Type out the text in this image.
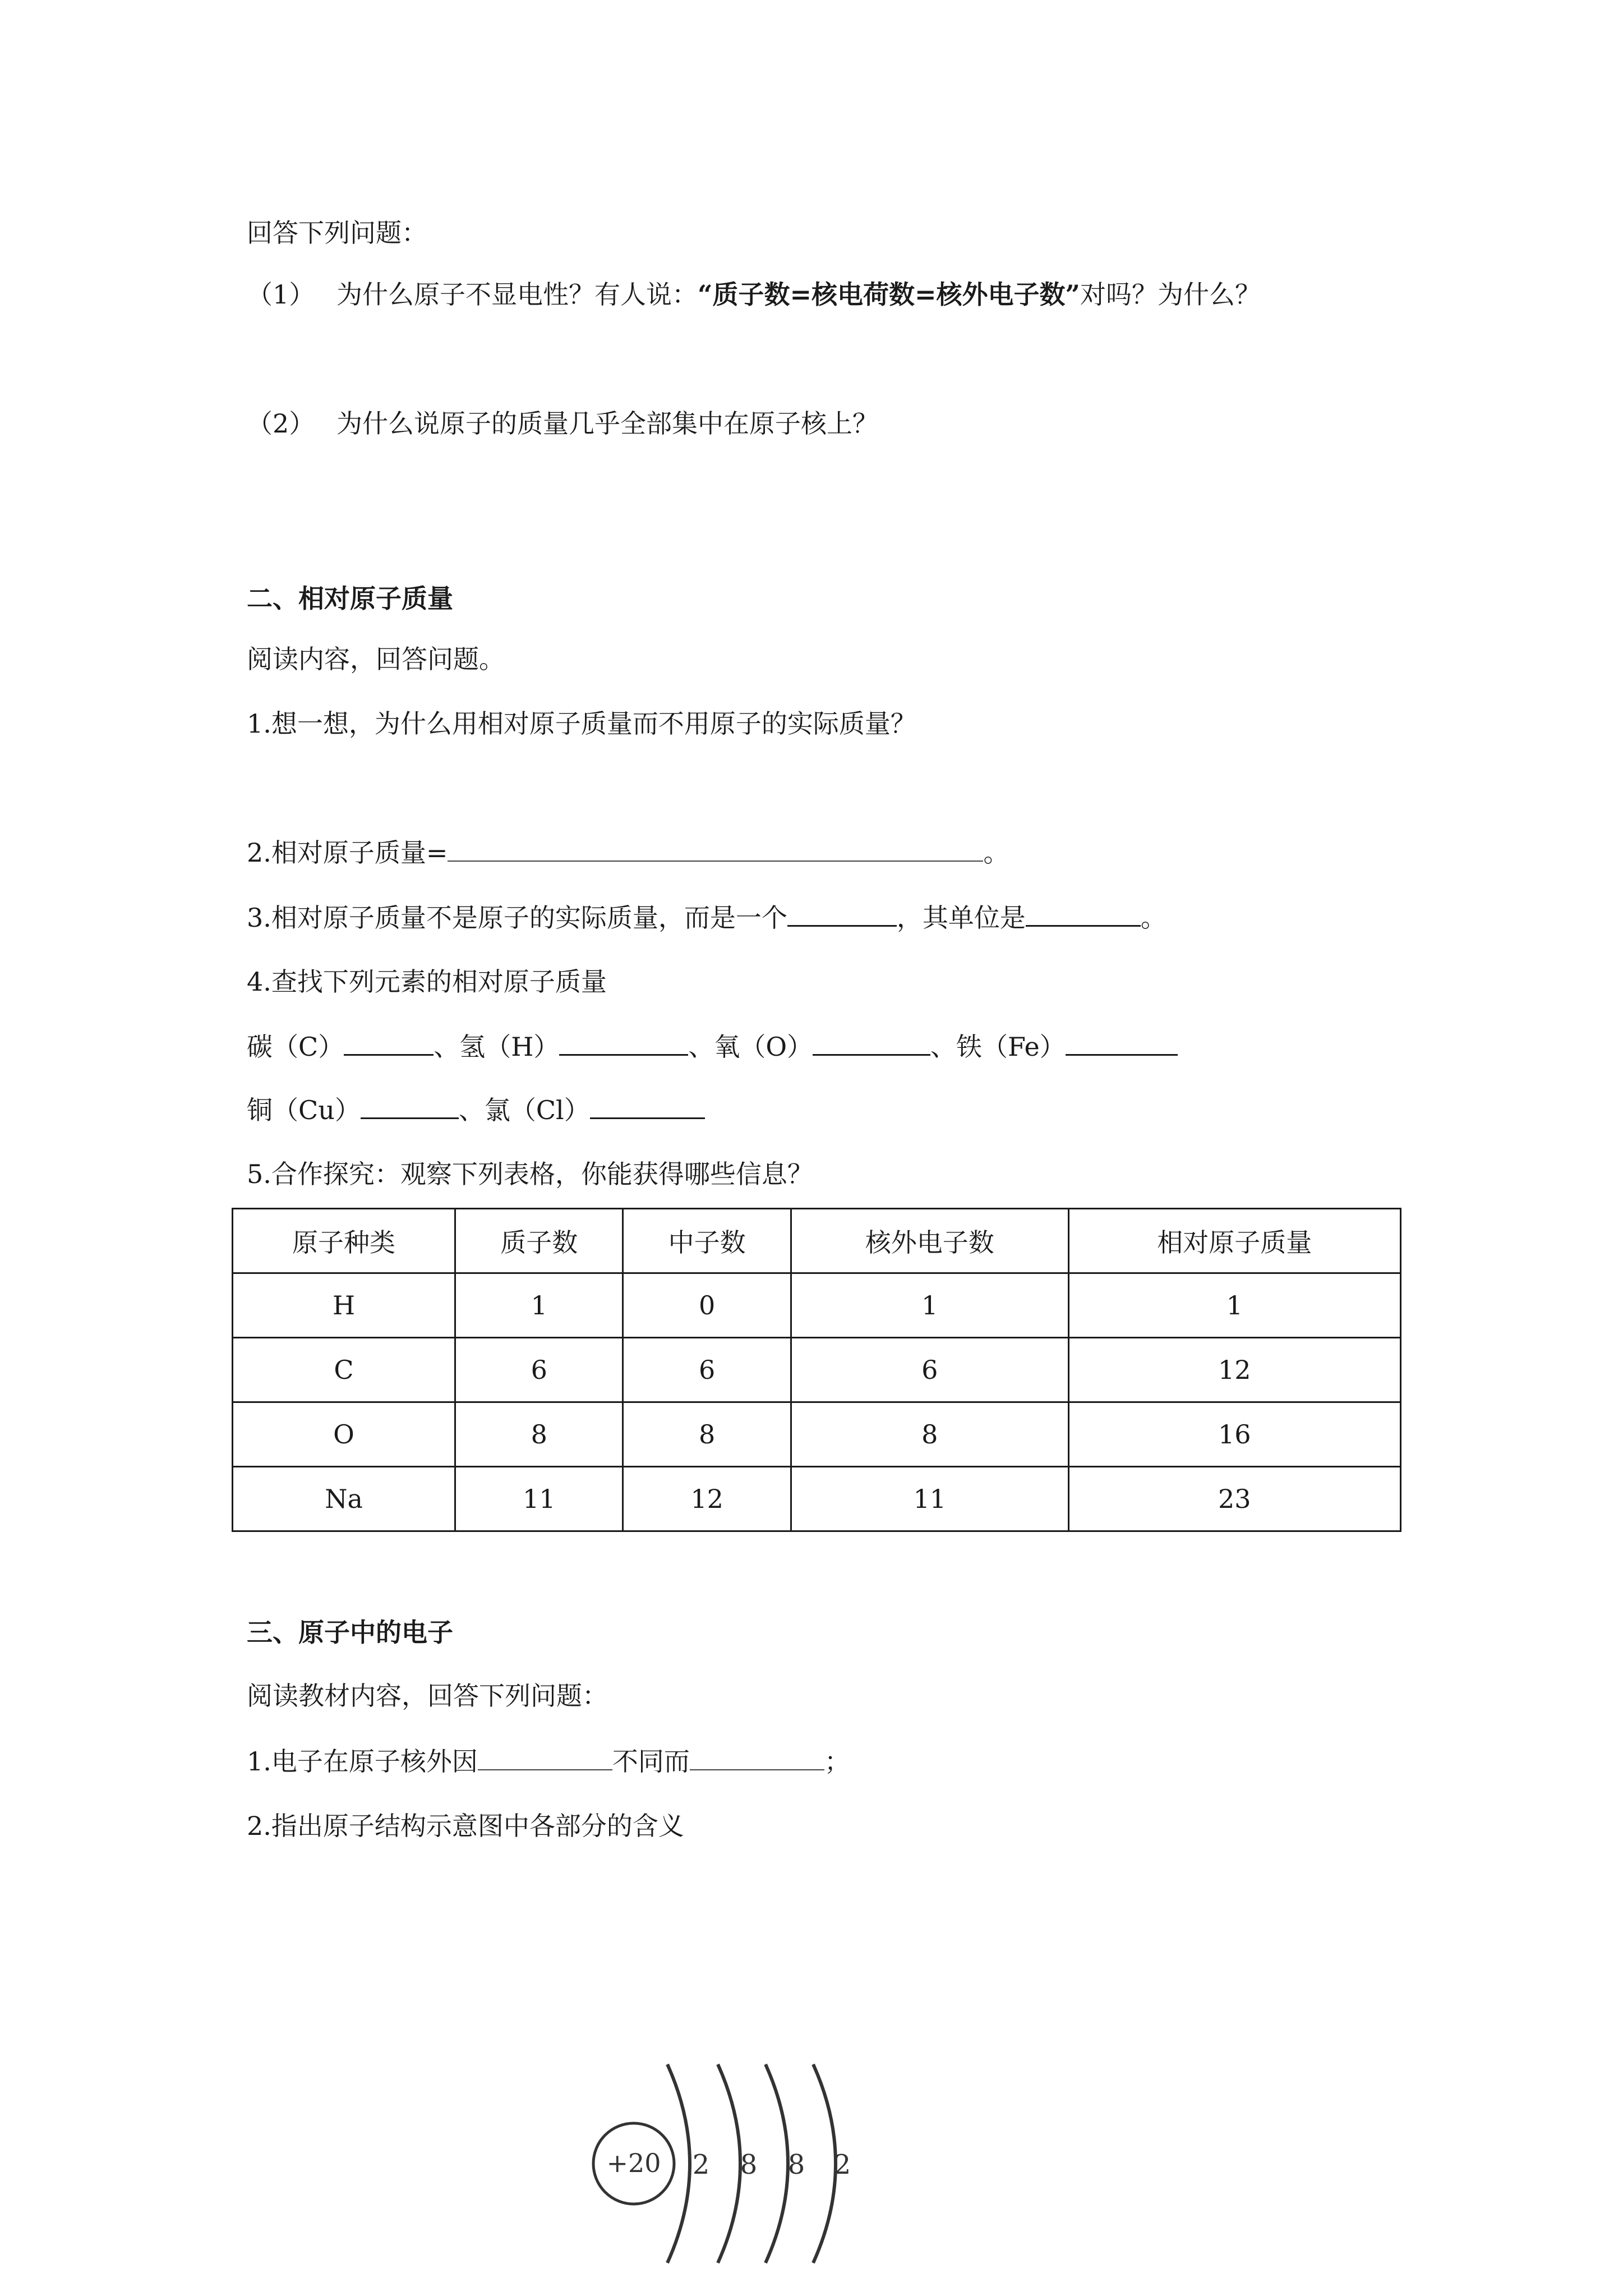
回答下列问题：
（1） 为什么原子不显电性？有人说：“质子数=核电荷数=核外电子数”对吗？为什么？
（2） 为什么说原子的质量几乎全部集中在原子核上？
二、相对原子质量
阅读内容，回答问题。
1.想一想，为什么用相对原子质量而不用原子的实际质量？
2.相对原子质量=	。
3.相对原子质量不是原子的实际质量，而是一个	，其单位是	。
4.查找下列元素的相对原子质量
碳（C）	、氢（H）	、氧（O）	、铁（Fe）
铜（Cu）	、氯（Cl）
5.合作探究：观察下列表格，你能获得哪些信息？
原子种类	质子数	中子数	核外电子数	相对原子质量
H	1	0	1	1
C	6	6	6	12
O	8	8	8	16
Na	11	12	11	23
三、原子中的电子
阅读教材内容，回答下列问题：
1.电子在原子核外因	不同而	；
2.指出原子结构示意图中各部分的含义
+20 2 8 8 2
